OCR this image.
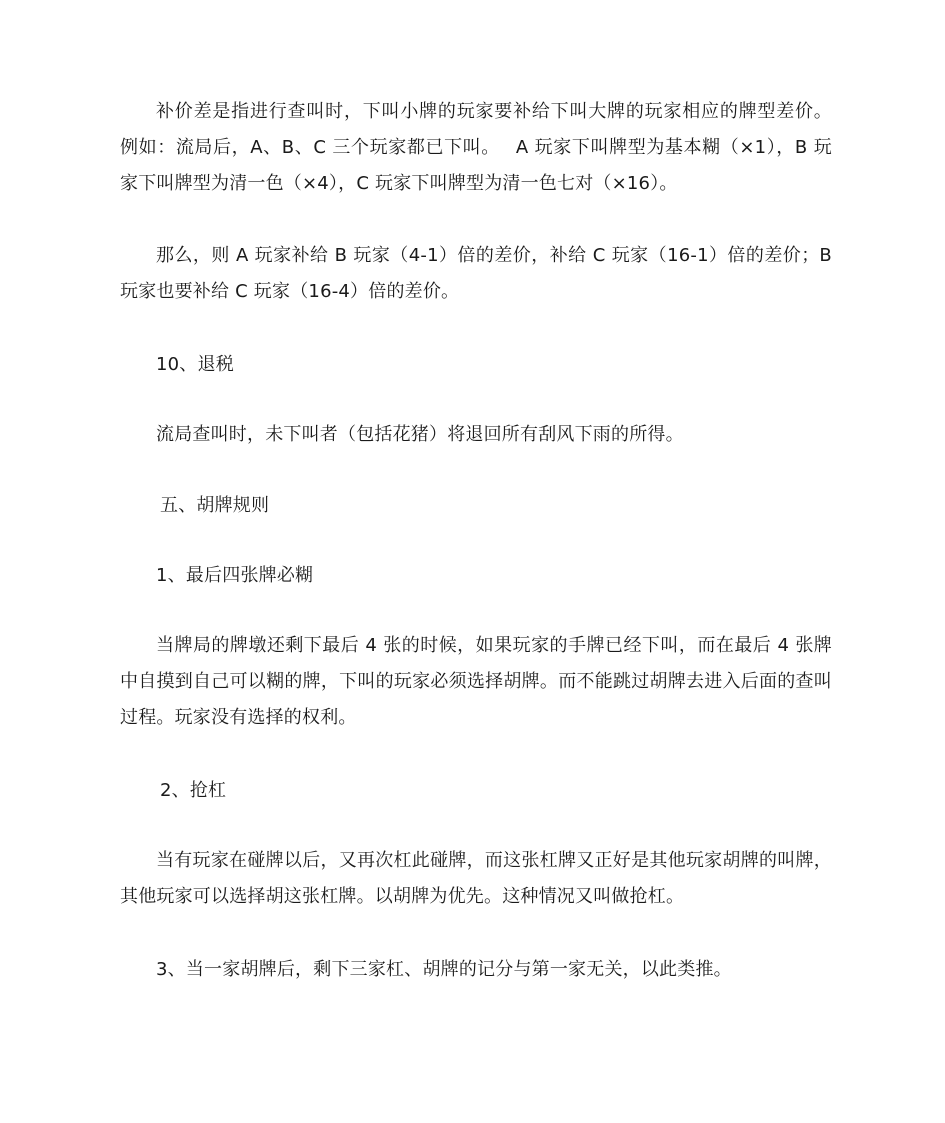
补价差是指进行查叫时，下叫小牌的玩家要补给下叫大牌的玩家相应的牌型差价。 例如：流局后，A、B、C 三个玩家都已下叫。　 A 玩家下叫牌型为基本糊（×1），B 玩家下叫牌型为清一色（×4），C 玩家下叫牌型为清一色七对（×16）。
那么，则 A 玩家补给 B 玩家（4-1）倍的差价，补给 C 玩家（16-1）倍的差价；B 玩家也要补给 C 玩家（16-4）倍的差价。
10、退税
流局查叫时，未下叫者（包括花猪）将退回所有刮风下雨的所得。
五、胡牌规则
1、最后四张牌必糊
当牌局的牌墩还剩下最后 4 张的时候，如果玩家的手牌已经下叫，而在最后 4 张牌中自摸到自己可以糊的牌，下叫的玩家必须选择胡牌。而不能跳过胡牌去进入后面的查叫过程。玩家没有选择的权利。
2、抢杠
当有玩家在碰牌以后，又再次杠此碰牌，而这张杠牌又正好是其他玩家胡牌的叫牌，其他玩家可以选择胡这张杠牌。以胡牌为优先。这种情况又叫做抢杠。
3、当一家胡牌后，剩下三家杠、胡牌的记分与第一家无关，以此类推。
